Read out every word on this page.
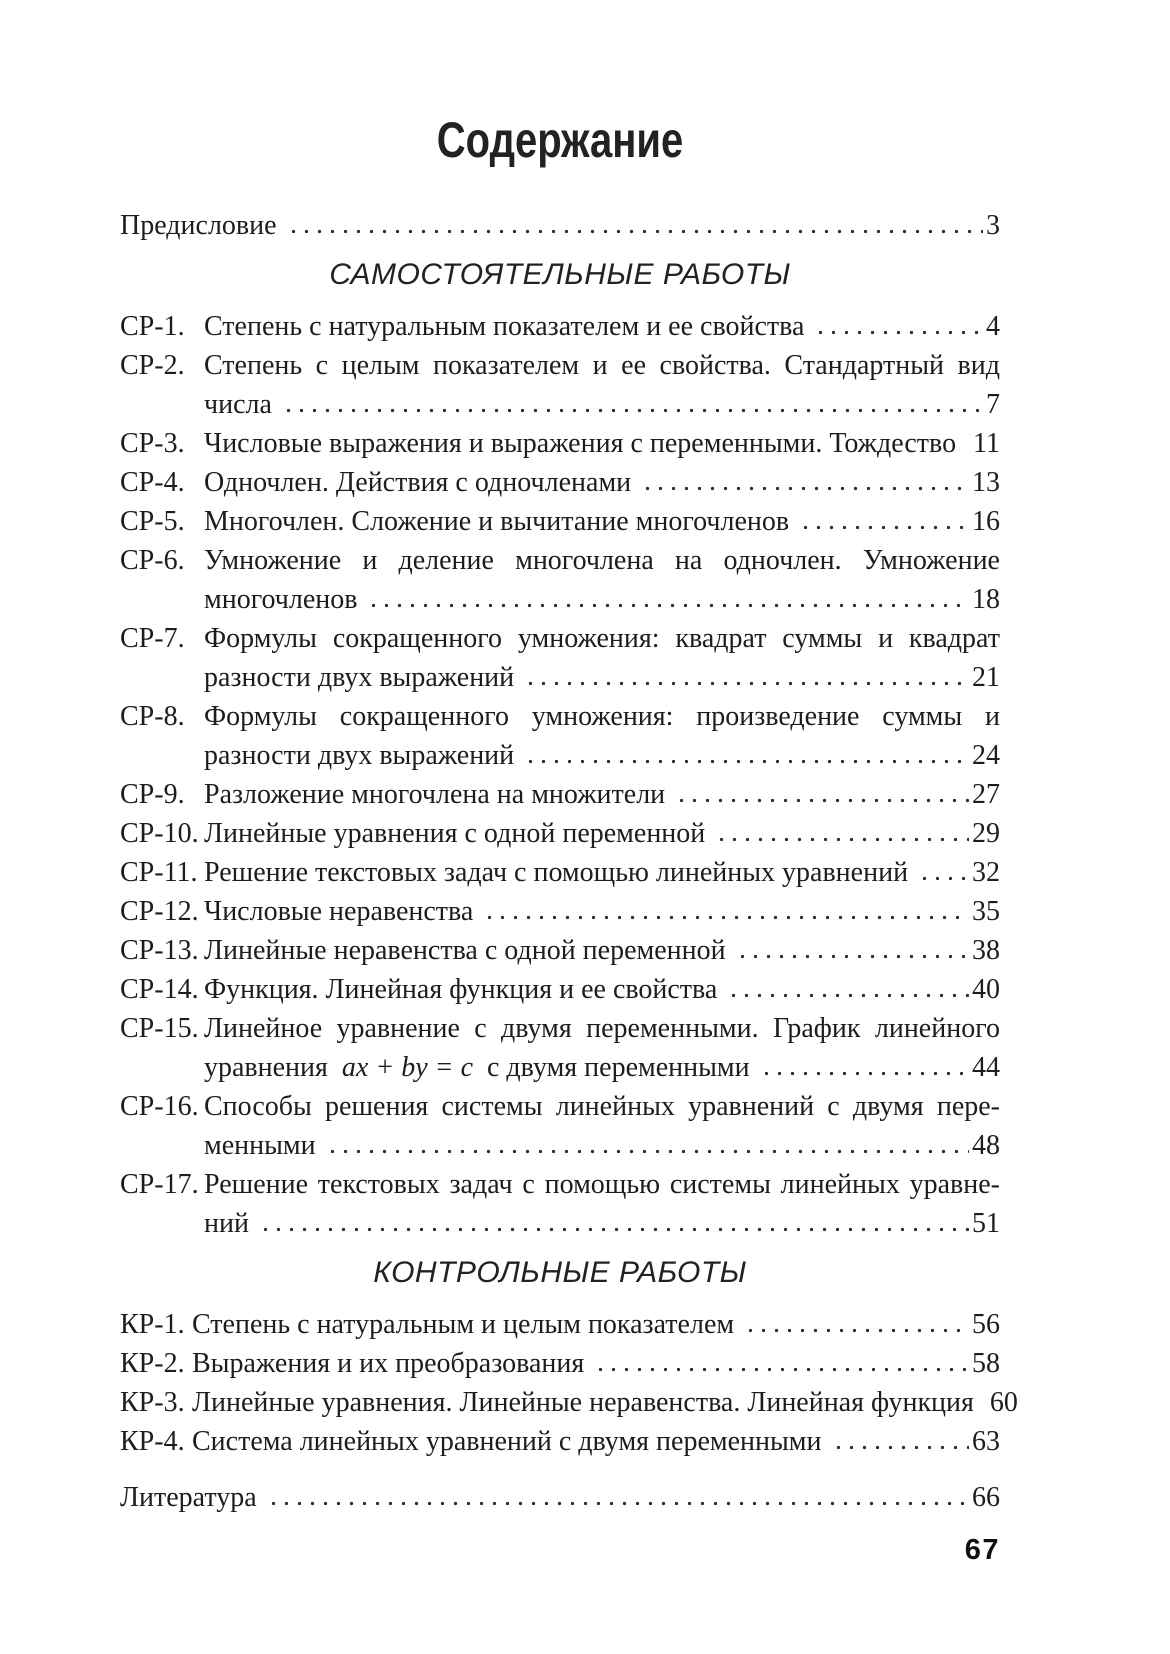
Содержание
Предисловие	3
САМОСТОЯТЕЛЬНЫЕ РАБОТЫ
СР-1. Степень с натуральным показателем и ее свойства	4
СР-2. Степень с целым показателем и ее свойства. Стандартный вид
числа	7
СР-3. Числовые выражения и выражения с переменными. Тождество 11
СР-4. Одночлен. Действия с одночленами	13
СР-5. Многочлен. Сложение и вычитание многочленов	16
СР-6. Умножение и деление многочлена на одночлен. Умножение
многочленов	18
СР-7. Формулы сокращенного умножения: квадрат суммы и квадрат
разности двух выражений	21
СР-8. Формулы сокращенного умножения: произведение суммы и
разности двух выражений	24
СР-9. Разложение многочлена на множители	27
СР-10. Линейные уравнения с одной переменной	29
СР-11. Решение текстовых задач с помощью линейных уравнений 32
СР-12. Числовые неравенства	35
СР-13. Линейные неравенства с одной переменной	38
СР-14. Функция. Линейная функция и ее свойства	40
СР-15. Линейное уравнение с двумя переменными. График линейного
уравнения  ax + by = c  с двумя переменными	44
СР-16. Способы решения системы линейных уравнений с двумя пере-
менными	48
СР-17. Решение текстовых задач с помощью системы линейных уравне-
ний	51
КОНТРОЛЬНЫЕ РАБОТЫ
КР-1. Степень с натуральным и целым показателем	56
КР-2. Выражения и их преобразования	58
КР-3. Линейные уравнения. Линейные неравенства. Линейная функция 60
КР-4. Система линейных уравнений с двумя переменными	63
Литература	66
67
